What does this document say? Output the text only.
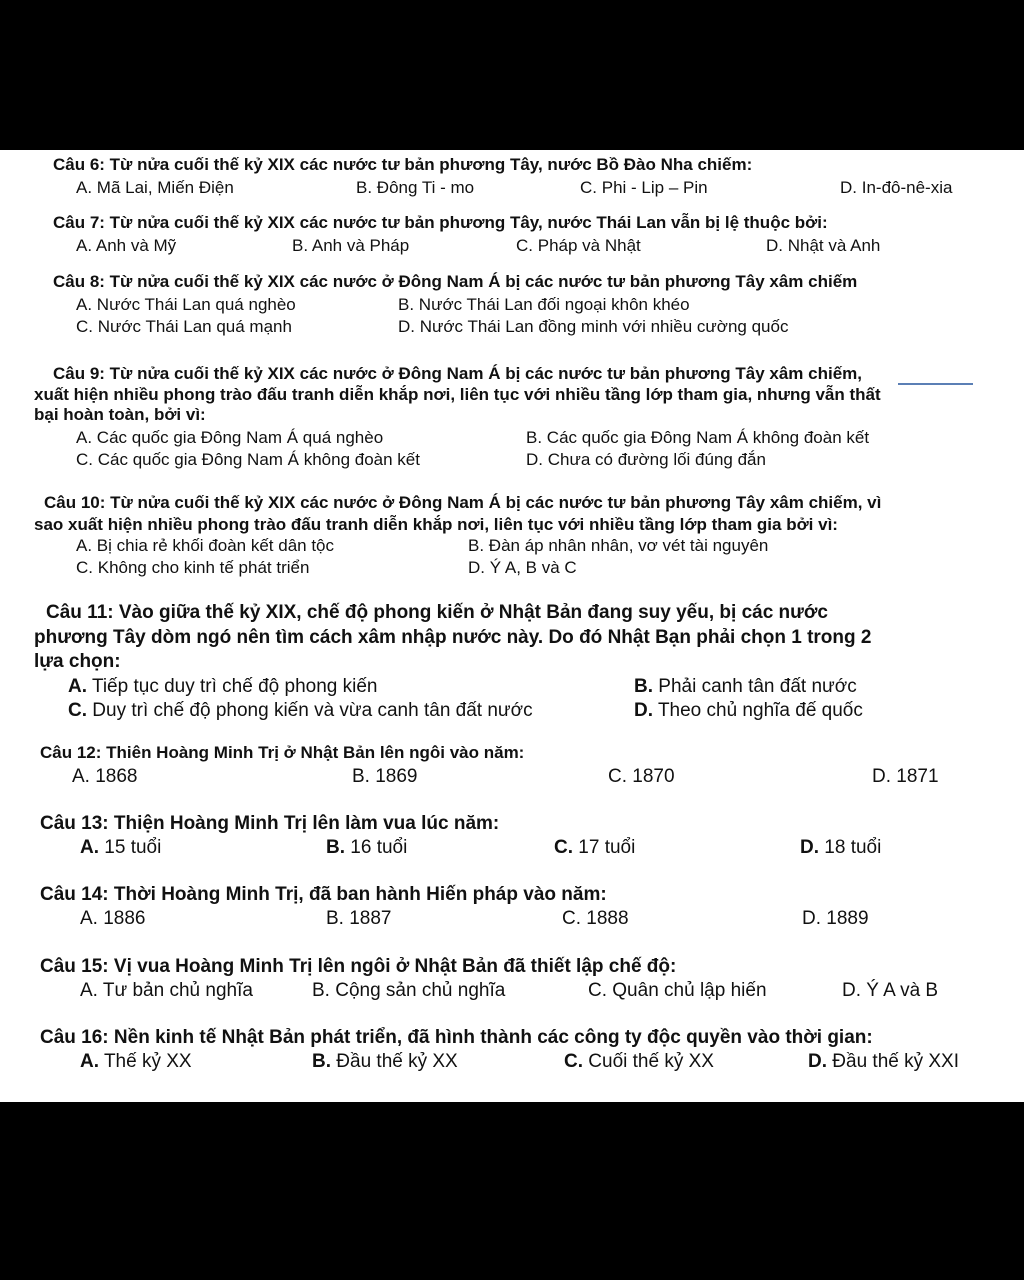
Câu 6: Từ nửa cuối thế kỷ XIX các nước tư bản phương Tây, nước Bồ Đào Nha chiếm:
A. Mã Lai, Miến Điện	B. Đông Ti - mo	C. Phi - Lip – Pin	D. In-đô-nê-xia
Câu 7: Từ nửa cuối thế kỷ XIX các nước tư bản phương Tây, nước Thái Lan vẫn bị lệ thuộc bởi:
A. Anh và Mỹ	B. Anh và Pháp	C. Pháp và Nhật	D. Nhật và Anh
Câu 8: Từ nửa cuối thế kỷ XIX các nước ở Đông Nam Á bị các nước tư bản phương Tây xâm chiếm
A. Nước Thái Lan quá nghèo	B. Nước Thái Lan đối ngoại khôn khéo
C. Nước Thái Lan quá mạnh	D. Nước Thái Lan đồng minh với nhiều cường quốc
Câu 9: Từ nửa cuối thế kỷ XIX các nước ở Đông Nam Á bị các nước tư bản phương Tây xâm chiếm,
xuất hiện nhiều phong trào đấu tranh diễn khắp nơi, liên tục với nhiều tầng lớp tham gia, nhưng vẫn thất
bại hoàn toàn, bởi vì:
A. Các quốc gia Đông Nam Á quá nghèo	B. Các quốc gia Đông Nam Á không đoàn kết
C. Các quốc gia Đông Nam Á không đoàn kết	D. Chưa có đường lối đúng đắn
Câu 10: Từ nửa cuối thế kỷ XIX các nước ở Đông Nam Á bị các nước tư bản phương Tây xâm chiếm, vì
sao xuất hiện nhiều phong trào đấu tranh diễn khắp nơi, liên tục với nhiều tầng lớp tham gia bởi vì:
A. Bị chia rẻ khối đoàn kết dân tộc	B. Đàn áp nhân nhân, vơ vét tài nguyên
C. Không cho kinh tế phát triển	D. Ý A, B và C
Câu 11: Vào giữa thế kỷ XIX, chế độ phong kiến ở Nhật Bản đang suy yếu, bị các nước
phương Tây dòm ngó nên tìm cách xâm nhập nước này. Do đó Nhật Bạn phải chọn 1 trong 2
lựa chọn:
A. Tiếp tục duy trì chế độ phong kiến	B. Phải canh tân đất nước
C. Duy trì chế độ phong kiến và vừa canh tân đất nước	D. Theo chủ nghĩa đế quốc
Câu 12: Thiên Hoàng Minh Trị ở Nhật Bản lên ngôi vào năm:
A. 1868	B. 1869	C. 1870	D. 1871
Câu 13: Thiện Hoàng Minh Trị lên làm vua lúc năm:
A. 15 tuổi	B. 16 tuổi	C. 17 tuổi	D. 18 tuổi
Câu 14: Thời Hoàng Minh Trị, đã ban hành Hiến pháp vào năm:
A. 1886	B. 1887	C. 1888	D. 1889
Câu 15: Vị vua Hoàng Minh Trị lên ngôi ở Nhật Bản đã thiết lập chế độ:
A. Tư bản chủ nghĩa	B. Cộng sản chủ nghĩa	C. Quân chủ lập hiến	D. Ý A và B
Câu 16: Nền kinh tế Nhật Bản phát triển, đã hình thành các công ty độc quyền vào thời gian:
A. Thế kỷ XX	B. Đầu thế kỷ XX	C. Cuối thế kỷ XX	D. Đầu thế kỷ XXI
